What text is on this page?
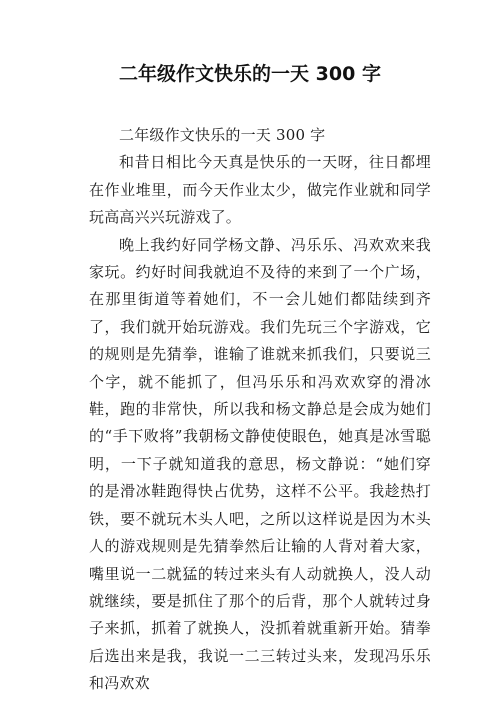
二年级作文快乐的一天 300 字

二年级作文快乐的一天 300 字

和昔日相比今天真是快乐的一天呀，往日都埋在作业堆里，而今天作业太少，做完作业就和同学玩高高兴兴玩游戏了。

晚上我约好同学杨文静、冯乐乐、冯欢欢来我家玩。约好时间我就迫不及待的来到了一个广场，在那里街道等着她们，不一会儿她们都陆续到齐了，我们就开始玩游戏。我们先玩三个字游戏，它的规则是先猜拳，谁输了谁就来抓我们，只要说三个字，就不能抓了，但冯乐乐和冯欢欢穿的滑冰鞋，跑的非常快，所以我和杨文静总是会成为她们的“手下败将”我朝杨文静使使眼色，她真是冰雪聪明，一下子就知道我的意思，杨文静说：“她们穿的是滑冰鞋跑得快占优势，这样不公平。我趁热打铁，要不就玩木头人吧，之所以这样说是因为木头人的游戏规则是先猜拳然后让输的人背对着大家，嘴里说一二就猛的转过来头有人动就换人，没人动就继续，要是抓住了那个的后背，那个人就转过身子来抓，抓着了就换人，没抓着就重新开始。猜拳后选出来是我，我说一二三转过头来，发现冯乐乐和冯欢欢
